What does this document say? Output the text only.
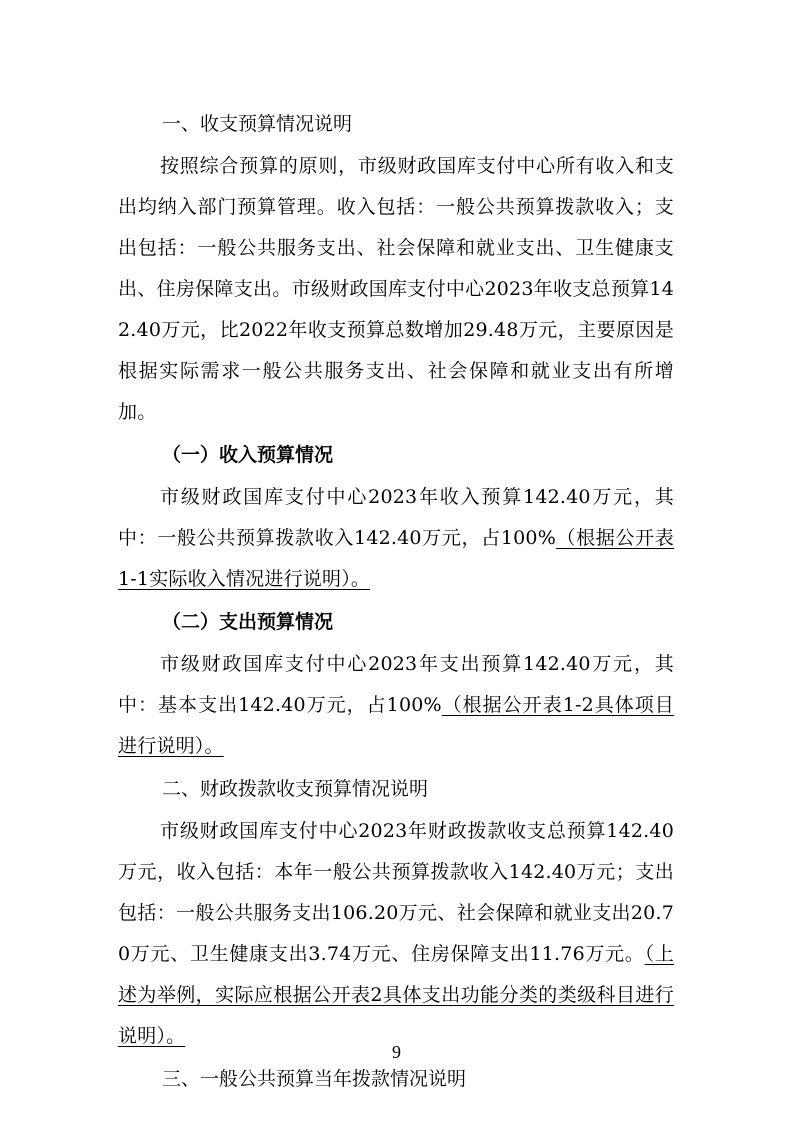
一、收支预算情况说明

按照综合预算的原则，市级财政国库支付中心所有收入和支出均纳入部门预算管理。收入包括：一般公共预算拨款收入；支出包括：一般公共服务支出、社会保障和就业支出、卫生健康支出、住房保障支出。市级财政国库支付中心2023年收支总预算142.40万元，比2022年收支预算总数增加29.48万元，主要原因是根据实际需求一般公共服务支出、社会保障和就业支出有所增加。

（一）收入预算情况

市级财政国库支付中心2023年收入预算142.40万元，其中：一般公共预算拨款收入142.40万元，占100%（根据公开表1-1实际收入情况进行说明）。

（二）支出预算情况

市级财政国库支付中心2023年支出预算142.40万元，其中：基本支出142.40万元，占100%（根据公开表1-2具体项目进行说明）。

二、财政拨款收支预算情况说明

市级财政国库支付中心2023年财政拨款收支总预算142.40万元，收入包括：本年一般公共预算拨款收入142.40万元；支出包括：一般公共服务支出106.20万元、社会保障和就业支出20.70万元、卫生健康支出3.74万元、住房保障支出11.76万元。（上述为举例，实际应根据公开表2具体支出功能分类的类级科目进行说明）。

三、一般公共预算当年拨款情况说明

9
